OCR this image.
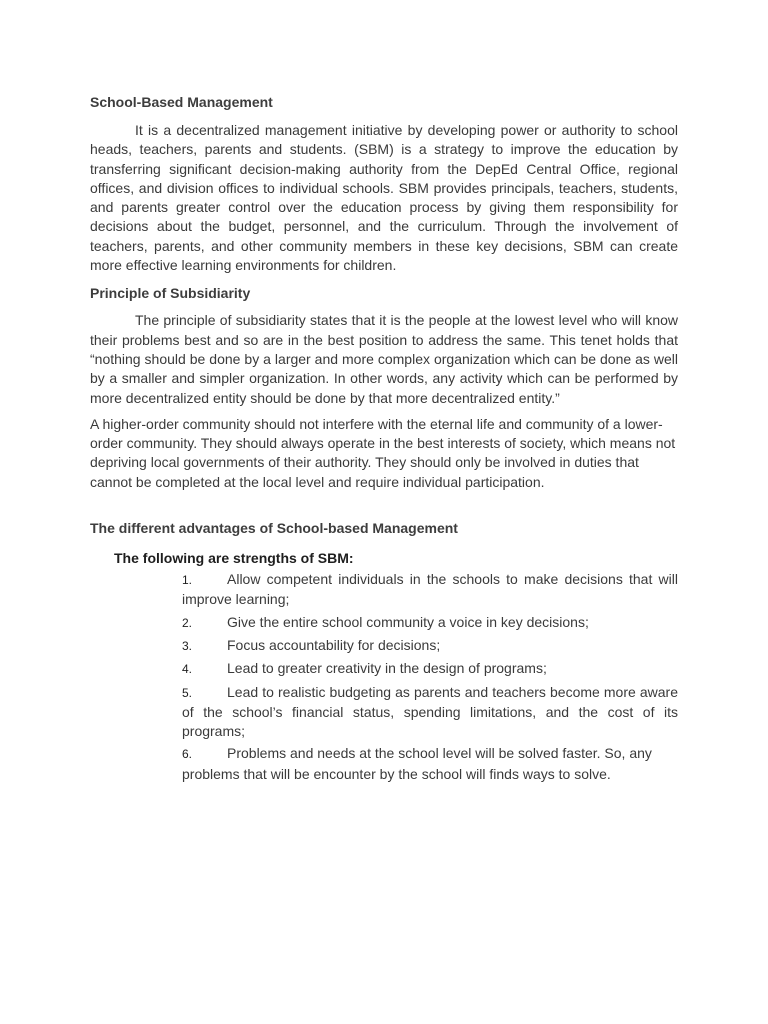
School-Based Management

It is a decentralized management initiative by developing power or authority to school heads, teachers, parents and students. (SBM) is a strategy to improve the education by transferring significant decision-making authority from the DepEd Central Office, regional offices, and division offices to individual schools. SBM provides principals, teachers, students, and parents greater control over the education process by giving them responsibility for decisions about the budget, personnel, and the curriculum. Through the involvement of teachers, parents, and other community members in these key decisions, SBM can create more effective learning environments for children.

Principle of Subsidiarity

The principle of subsidiarity states that it is the people at the lowest level who will know their problems best and so are in the best position to address the same. This tenet holds that “nothing should be done by a larger and more complex organization which can be done as well by a smaller and simpler organization. In other words, any activity which can be performed by more decentralized entity should be done by that more decentralized entity.”

A higher-order community should not interfere with the eternal life and community of a lower-order community. They should always operate in the best interests of society, which means not depriving local governments of their authority. They should only be involved in duties that cannot be completed at the local level and require individual participation.

The different advantages of School-based Management
The following are strengths of SBM:
1. Allow competent individuals in the schools to make decisions that will improve learning;
2. Give the entire school community a voice in key decisions;
3. Focus accountability for decisions;
4. Lead to greater creativity in the design of programs;
5. Lead to realistic budgeting as parents and teachers become more aware of the school’s financial status, spending limitations, and the cost of its programs;
6. Problems and needs at the school level will be solved faster. So, any problems that will be encounter by the school will finds ways to solve.
